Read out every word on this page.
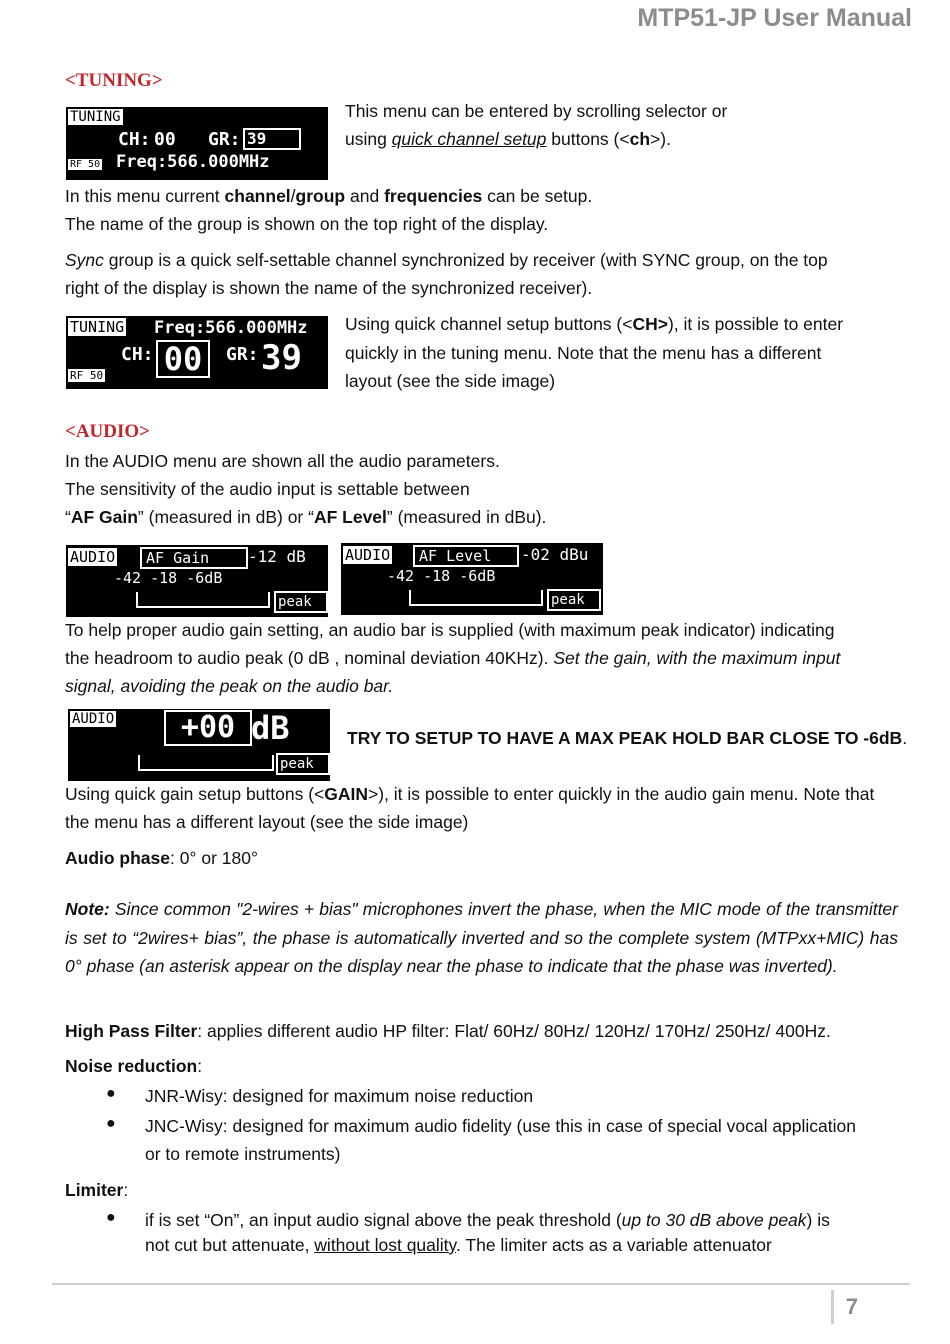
MTP51-JP User Manual
<TUNING>
TUNING
CH: 00 GR: 39
RF 50 Freq:566.000MHz
This menu can be entered by scrolling selector or
using quick channel setup buttons (<ch>).
In this menu current channel/group and frequencies can be setup.
The name of the group is shown on the top right of the display.
Sync group is a quick self-settable channel synchronized by receiver (with SYNC group, on the top
right of the display is shown the name of the synchronized receiver).
TUNING Freq:566.000MHz
CH: 00	GR: 39
RF 50
Using quick channel setup buttons (<CH>), it is possible to enter
quickly in the tuning menu. Note that the menu has a different
layout (see the side image)
<AUDIO>
In the AUDIO menu are shown all the audio parameters.
The sensitivity of the audio input is settable between
“AF Gain” (measured in dB) or “AF Level” (measured in dBu).
AUDIO	AF Gain	-12 dB
-42 -18 -6dB
peak
AUDIO	AF Level	-02 dBu
-42 -18 -6dB
peak
To help proper audio gain setting, an audio bar is supplied (with maximum peak indicator) indicating
the headroom to audio peak (0 dB , nominal deviation 40KHz). Set the gain, with the maximum input
signal, avoiding the peak on the audio bar.
AUDIO	+00 dB
peak
TRY TO SETUP TO HAVE A MAX PEAK HOLD BAR CLOSE TO -6dB.
Using quick gain setup buttons (<GAIN>), it is possible to enter quickly in the audio gain menu. Note that
the menu has a different layout (see the side image)
Audio phase: 0° or 180°
Note: Since common "2-wires + bias" microphones invert the phase, when the MIC mode of the transmitter is set to “2wires+ bias”, the phase is automatically inverted and so the complete system (MTPxx+MIC) has 0° phase (an asterisk appear on the display near the phase to indicate that the phase was inverted).
High Pass Filter: applies different audio HP filter: Flat/ 60Hz/ 80Hz/ 120Hz/ 170Hz/ 250Hz/ 400Hz.
Noise reduction:
● JNR-Wisy: designed for maximum noise reduction
● JNC-Wisy: designed for maximum audio fidelity (use this in case of special vocal application
or to remote instruments)
Limiter:
● if is set “On”, an input audio signal above the peak threshold (up to 30 dB above peak) is
not cut but attenuate, without lost quality. The limiter acts as a variable attenuator
7
